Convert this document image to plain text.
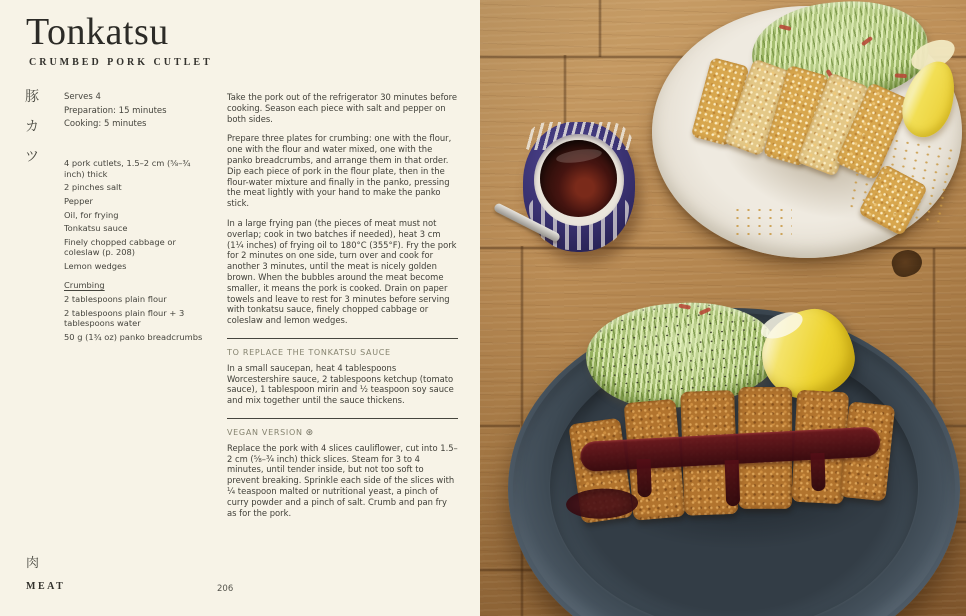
Tonkatsu
CRUMBED PORK CUTLET
豚
カ
ツ
Serves 4
Preparation: 15 minutes
Cooking: 5 minutes

4 pork cutlets, 1.5–2 cm (⅝–¾ inch) thick

2 pinches salt

Pepper

Oil, for frying

Tonkatsu sauce

Finely chopped cabbage or coleslaw (p. 208)

Lemon wedges

Crumbing

2 tablespoons plain flour

2 tablespoons plain flour + 3 tablespoons water

50 g (1¾ oz) panko breadcrumbs

Take the pork out of the refrigerator 30 minutes before cooking. Season each piece with salt and pepper on both sides.

Prepare three plates for crumbing: one with the flour, one with the flour and water mixed, one with the panko breadcrumbs, and arrange them in that order. Dip each piece of pork in the flour plate, then in the flour-water mixture and finally in the panko, pressing the meat lightly with your hand to make the panko stick.

In a large frying pan (the pieces of meat must not overlap; cook in two batches if needed), heat 3 cm (1¼ inches) of frying oil to 180°C (355°F). Fry the pork for 2 minutes on one side, turn over and cook for another 3 minutes, until the meat is nicely golden brown. When the bubbles around the meat become smaller, it means the pork is cooked. Drain on paper towels and leave to rest for 3 minutes before serving with tonkatsu sauce, finely chopped cabbage or coleslaw and lemon wedges.

TO REPLACE THE TONKATSU SAUCE

In a small saucepan, heat 4 tablespoons Worcestershire sauce, 2 tablespoons ketchup (tomato sauce), 1 tablespoon mirin and ½ teaspoon soy sauce and mix together until the sauce thickens.

VEGAN VERSION ⊛

Replace the pork with 4 slices cauliflower, cut into 1.5–2 cm (⅝–¾ inch) thick slices. Steam for 3 to 4 minutes, until tender inside, but not too soft to prevent breaking. Sprinkle each side of the slices with ¼ teaspoon malted or nutritional yeast, a pinch of curry powder and a pinch of salt. Crumb and pan fry as for the pork.

肉
MEAT	206
